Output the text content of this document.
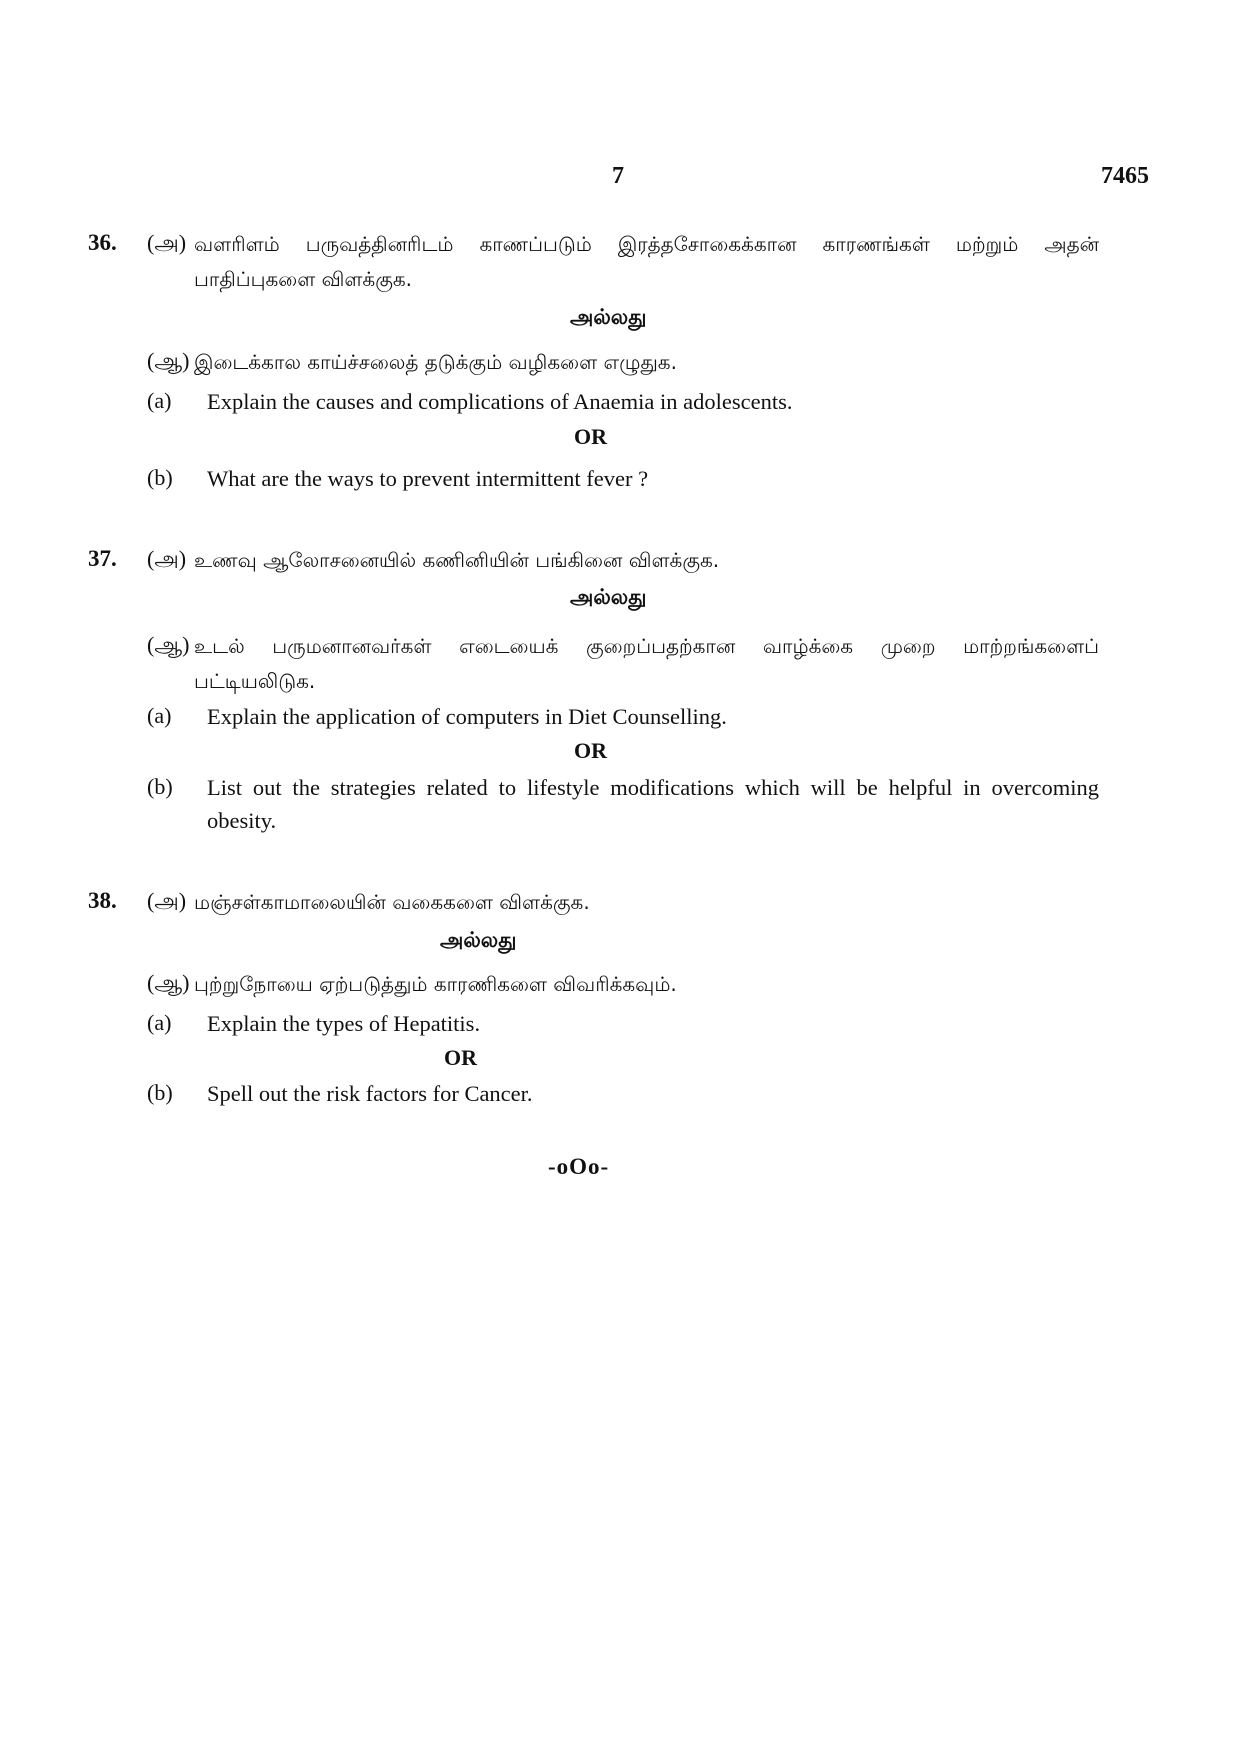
7	7465
36. (அ) வளரிளம் பருவத்தினரிடம் காணப்படும் இரத்தசோகைக்கான காரணங்கள் மற்றும் அதன் பாதிப்புகளை விளக்குக.
அல்லது
(ஆ) இடைக்கால காய்ச்சலைத் தடுக்கும் வழிகளை எழுதுக.
(a) Explain the causes and complications of Anaemia in adolescents.
OR
(b) What are the ways to prevent intermittent fever ?
37. (அ) உணவு ஆலோசனையில் கணினியின் பங்கினை விளக்குக.
அல்லது
(ஆ) உடல் பருமனானவர்கள் எடையைக் குறைப்பதற்கான வாழ்க்கை முறை மாற்றங்களைப் பட்டியலிடுக.
(a) Explain the application of computers in Diet Counselling.
OR
(b) List out the strategies related to lifestyle modifications which will be helpful in overcoming obesity.
38. (அ) மஞ்சள்காமாலையின் வகைகளை விளக்குக.
அல்லது
(ஆ) புற்றுநோயை ஏற்படுத்தும் காரணிகளை விவரிக்கவும்.
(a) Explain the types of Hepatitis.
OR
(b) Spell out the risk factors for Cancer.
-oOo-
